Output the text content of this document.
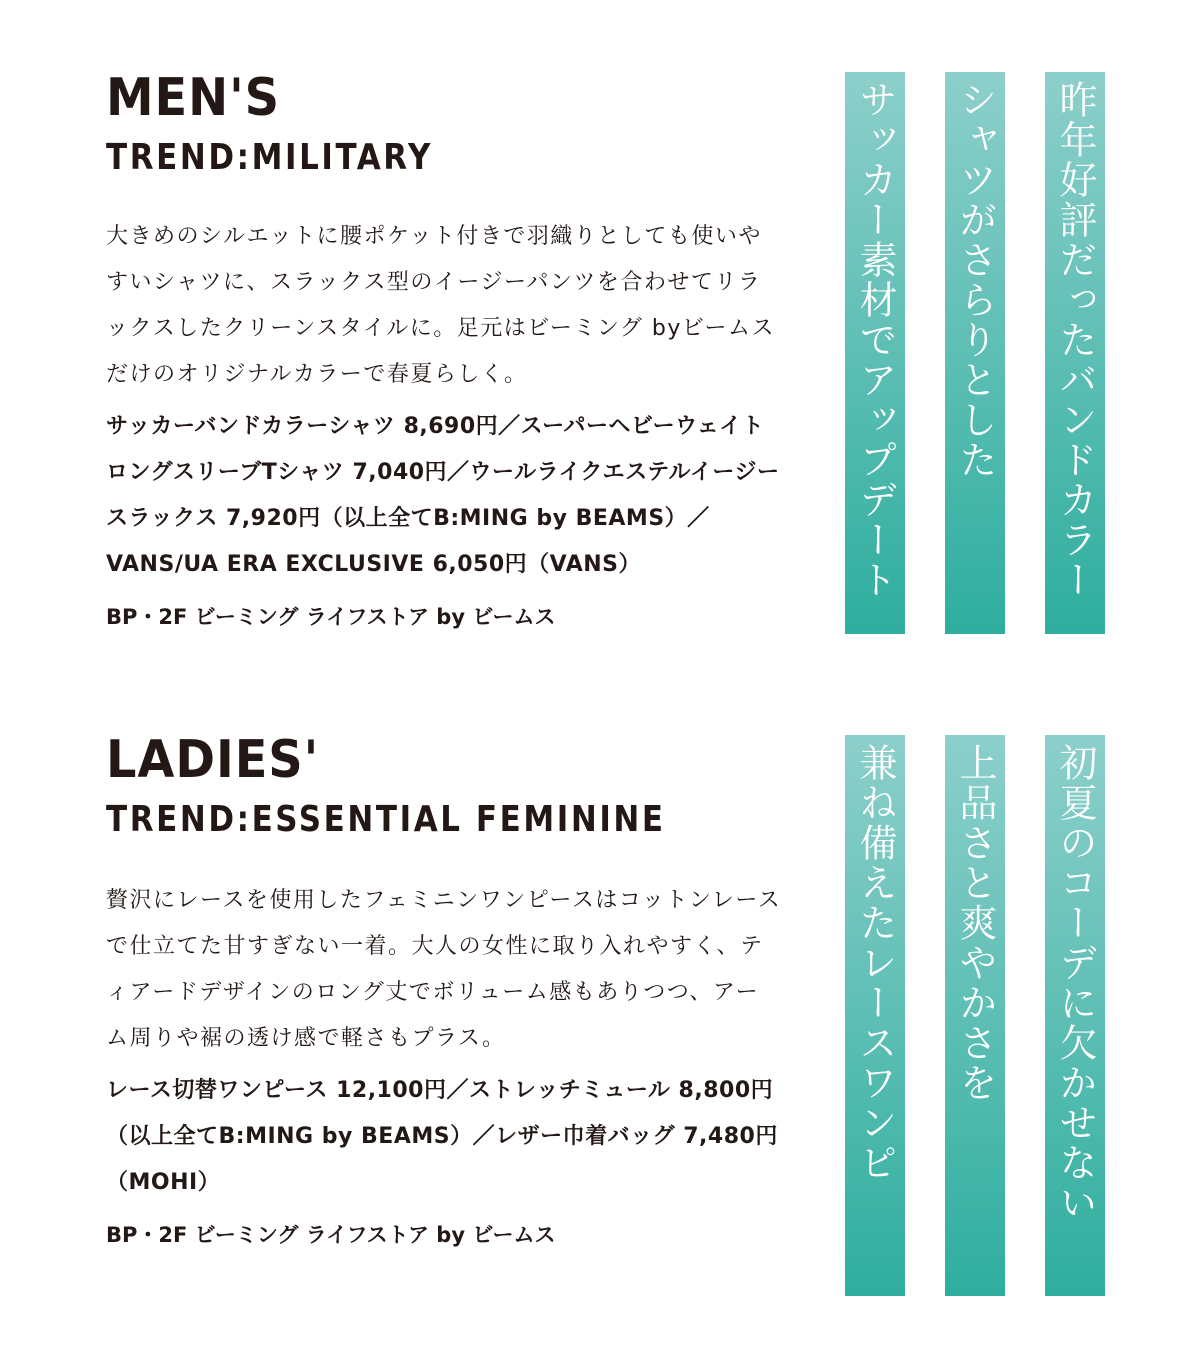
MEN'S
TREND:MILITARY

大きめのシルエットに腰ポケット付きで羽織りとしても使いやすいシャツに、スラックス型のイージーパンツを合わせてリラックスしたクリーンスタイルに。足元はビーミング byビームスだけのオリジナルカラーで春夏らしく。

サッカーバンドカラーシャツ 8,690円／スーパーヘビーウェイトロングスリーブTシャツ 7,040円／ウールライクエステルイージースラックス 7,920円（以上全てB:MING by BEAMS）／ VANS/UA ERA EXCLUSIVE 6,050円（VANS）

BP・2F ビーミング ライフストア by ビームス

昨年好評だったバンドカラー
シャツがさらりとした
サッカー素材でアップデート
LADIES'
TREND:ESSENTIAL FEMININE

贅沢にレースを使用したフェミニンワンピースはコットンレースで仕立てた甘すぎない一着。大人の女性に取り入れやすく、ティアードデザインのロング丈でボリューム感もありつつ、アーム周りや裾の透け感で軽さもプラス。

レース切替ワンピース 12,100円／ストレッチミュール 8,800円（以上全てB:MING by BEAMS）／レザー巾着バッグ 7,480円（MOHI）

BP・2F ビーミング ライフストア by ビームス

初夏のコーデに欠かせない
上品さと爽やかさを
兼ね備えたレースワンピ
